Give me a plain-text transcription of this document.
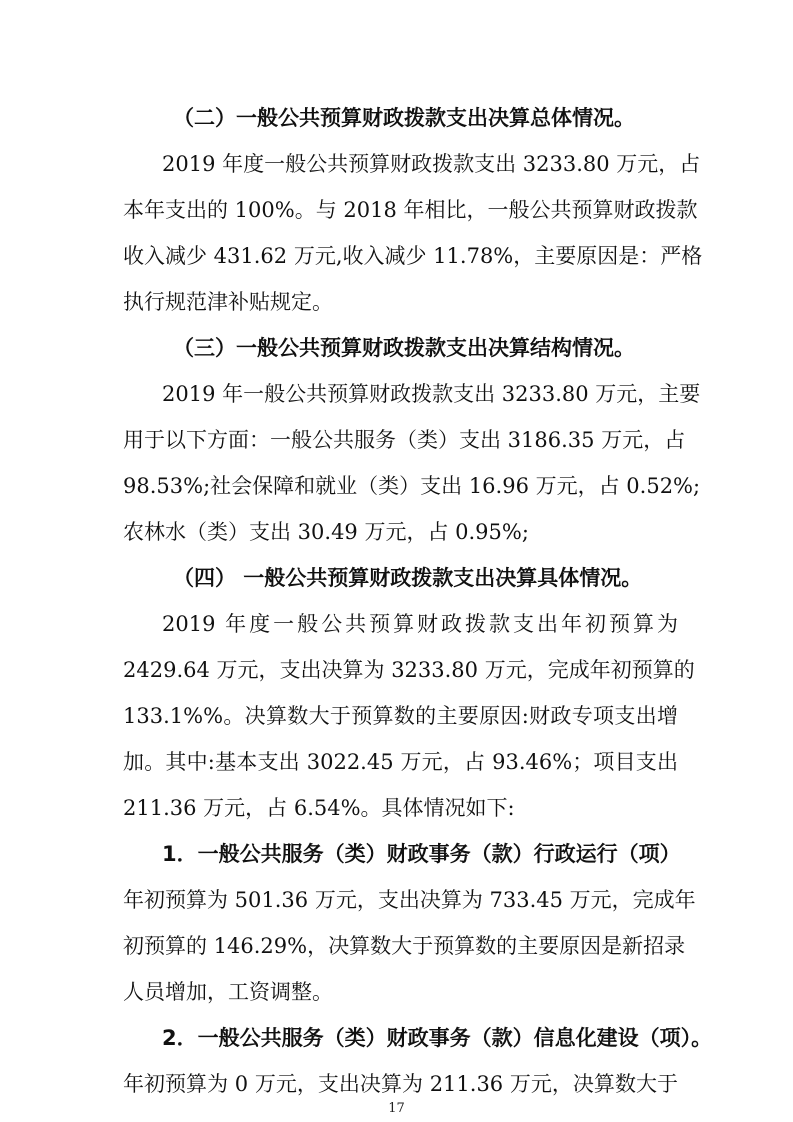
（二）一般公共预算财政拨款支出决算总体情况。
2019 年度一般公共预算财政拨款支出 3233.80 万元，占
本年支出的 100%。与 2018 年相比，一般公共预算财政拨款
收入减少 431.62 万元,收入减少 11.78%，主要原因是：严格
执行规范津补贴规定。
（三）一般公共预算财政拨款支出决算结构情况。
2019 年一般公共预算财政拨款支出 3233.80 万元，主要
用于以下方面：一般公共服务（类）支出 3186.35 万元，占
98.53%;社会保障和就业（类）支出 16.96 万元，占 0.52%;
农林水（类）支出 30.49 万元，占 0.95%;
（四） 一般公共预算财政拨款支出决算具体情况。
2019 年度一般公共预算财政拨款支出年初预算为
2429.64 万元，支出决算为 3233.80 万元，完成年初预算的
133.1%%。决算数大于预算数的主要原因:财政专项支出增
加。其中:基本支出 3022.45 万元，占 93.46%；项目支出
211.36 万元，占 6.54%。具体情况如下:
1．一般公共服务（类）财政事务（款）行政运行（项）
年初预算为 501.36 万元，支出决算为 733.45 万元，完成年
初预算的 146.29%，决算数大于预算数的主要原因是新招录
人员增加，工资调整。
2．一般公共服务（类）财政事务（款）信息化建设（项）。
年初预算为 0 万元，支出决算为 211.36 万元，决算数大于
17
